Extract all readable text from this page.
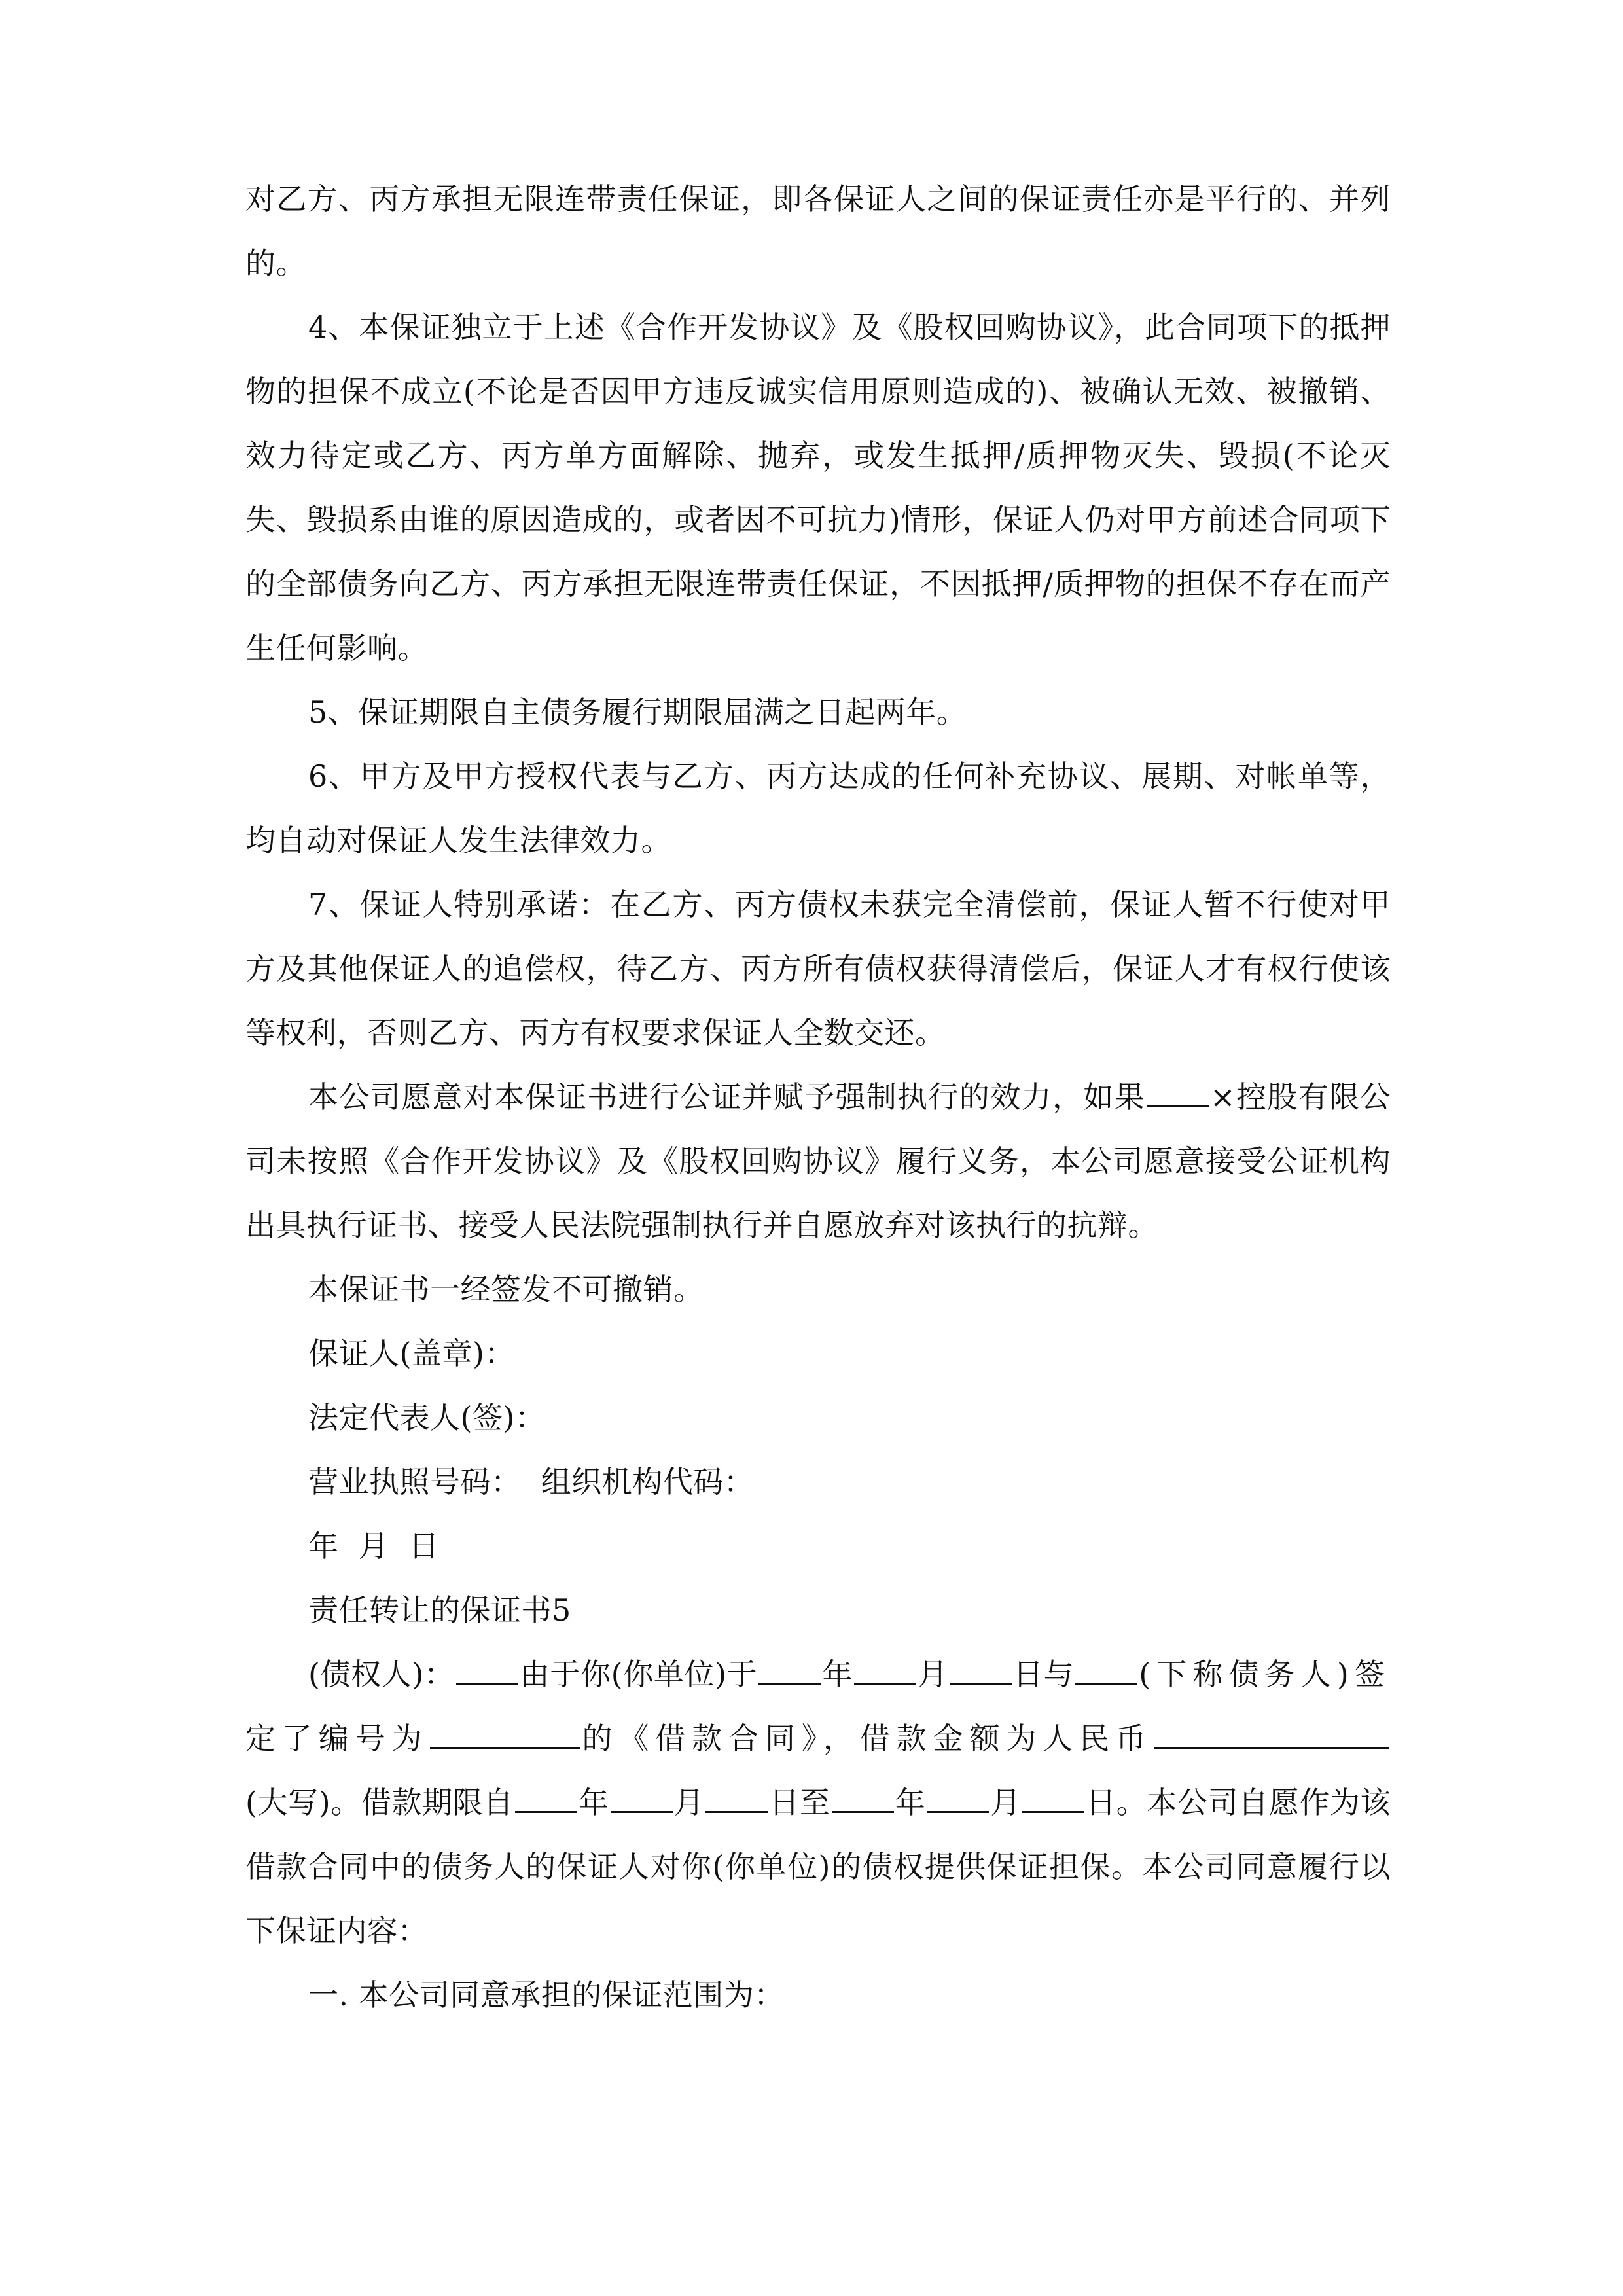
对乙方、丙方承担无限连带责任保证，即各保证人之间的保证责任亦是平行的、并列的。

4、本保证独立于上述《合作开发协议》及《股权回购协议》，此合同项下的抵押物的担保不成立(不论是否因甲方违反诚实信用原则造成的)、被确认无效、被撤销、效力待定或乙方、丙方单方面解除、抛弃，或发生抵押/质押物灭失、毁损(不论灭失、毁损系由谁的原因造成的，或者因不可抗力)情形，保证人仍对甲方前述合同项下的全部债务向乙方、丙方承担无限连带责任保证，不因抵押/质押物的担保不存在而产生任何影响。

5、保证期限自主债务履行期限届满之日起两年。

6、甲方及甲方授权代表与乙方、丙方达成的任何补充协议、展期、对帐单等，均自动对保证人发生法律效力。

7、保证人特别承诺：在乙方、丙方债权未获完全清偿前，保证人暂不行使对甲方及其他保证人的追偿权，待乙方、丙方所有债权获得清偿后，保证人才有权行使该等权利，否则乙方、丙方有权要求保证人全数交还。

本公司愿意对本保证书进行公证并赋予强制执行的效力，如果 ×控股有限公司未按照《合作开发协议》及《股权回购协议》履行义务，本公司愿意接受公证机构出具执行证书、接受人民法院强制执行并自愿放弃对该执行的抗辩。

本保证书一经签发不可撤销。

保证人(盖章)：

法定代表人(签)：

营业执照号码：  组织机构代码：

年  月  日

责任转让的保证书5

(债权人)： 由于你(你单位)于 年 月 日与 (下称债务人)签定了编号为	的《借款合同》，借款金额为人民币(大写)。借款期限自 年 月 日至 年 月 日。本公司自愿作为该借款合同中的债务人的保证人对你(你单位)的债权提供保证担保。本公司同意履行以下保证内容：

一. 本公司同意承担的保证范围为：
